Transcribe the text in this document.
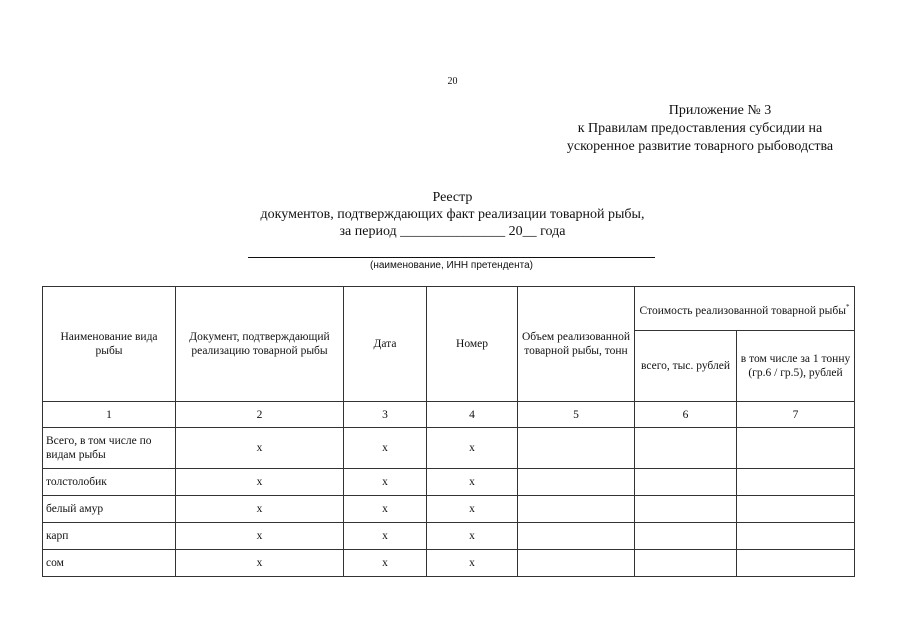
20
Приложение № 3
к Правилам предоставления субсидии на
ускоренное развитие товарного рыбоводства
Реестр
документов, подтверждающих факт реализации товарной рыбы,
за период _______________ 20__ года
(наименование, ИНН претендента)
Наименование вида рыбы	Документ, подтверждающий реализацию товарной рыбы	Дата	Номер	Объем реализованной товарной рыбы, тонн	Стоимость реализованной товарной рыбы*
					всего, тыс. рублей	в том числе за 1 тонну (гр.6 / гр.5), рублей
1	2	3	4	5	6	7
Всего, в том числе по видам рыбы	х	х	х			
толстолобик	х	х	х			
белый амур	х	х	х			
карп	х	х	х			
сом	х	х	х			
